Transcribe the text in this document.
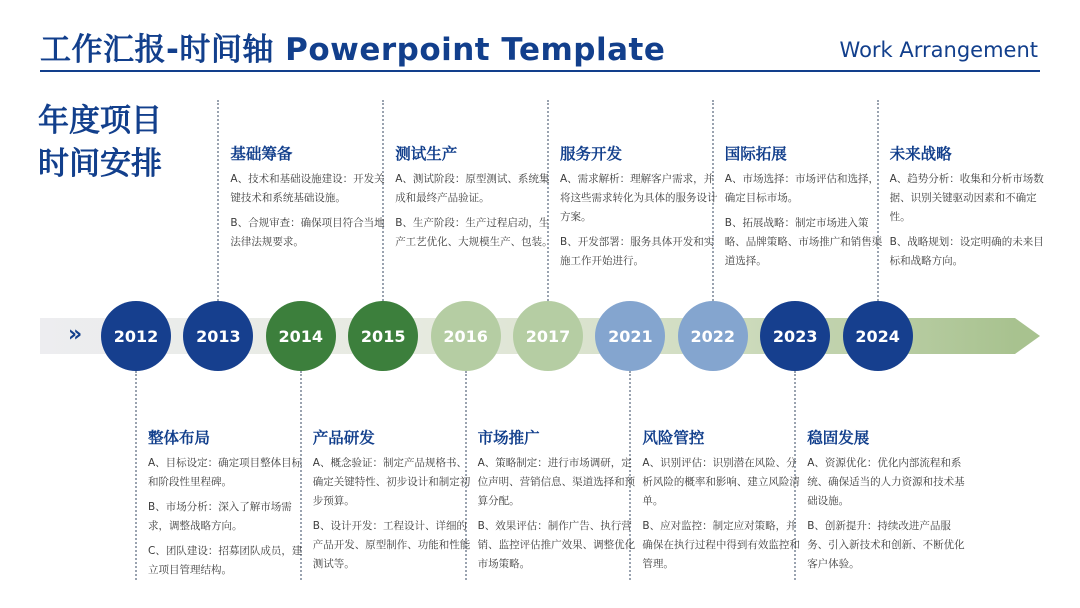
工作汇报-时间轴 Powerpoint Template	Work Arrangement
年度项目
时间安排
» 2012 2013 2014 2015 2016 2017 2021 2022 2023 2024
基础筹备
A、技术和基础设施建设：开发关键技术和系统基础设施。
B、合规审查：确保项目符合当地法律法规要求。
测试生产
A、测试阶段：原型测试、系统集成和最终产品验证。
B、生产阶段：生产过程启动，生产工艺优化、大规模生产、包装。
服务开发
A、需求解析：理解客户需求，并将这些需求转化为具体的服务设计方案。
B、开发部署：服务具体开发和实施工作开始进行。
国际拓展
A、市场选择：市场评估和选择，确定目标市场。
B、拓展战略：制定市场进入策略、品牌策略、市场推广和销售渠道选择。
未来战略
A、趋势分析：收集和分析市场数据、识别关键驱动因素和不确定性。
B、战略规划：设定明确的未来目标和战略方向。
整体布局
A、目标设定：确定项目整体目标和阶段性里程碑。
B、市场分析：深入了解市场需求，调整战略方向。
C、团队建设：招募团队成员，建立项目管理结构。
产品研发
A、概念验证：制定产品规格书、确定关键特性、初步设计和制定初步预算。
B、设计开发：工程设计、详细的产品开发、原型制作、功能和性能测试等。
市场推广
A、策略制定：进行市场调研，定位声明、营销信息、渠道选择和预算分配。
B、效果评估：制作广告、执行营销、监控评估推广效果、调整优化市场策略。
风险管控
A、识别评估：识别潜在风险、分析风险的概率和影响、建立风险清单。
B、应对监控：制定应对策略，并确保在执行过程中得到有效监控和管理。
稳固发展
A、资源优化：优化内部流程和系统、确保适当的人力资源和技术基础设施。
B、创新提升：持续改进产品服务、引入新技术和创新、不断优化客户体验。
